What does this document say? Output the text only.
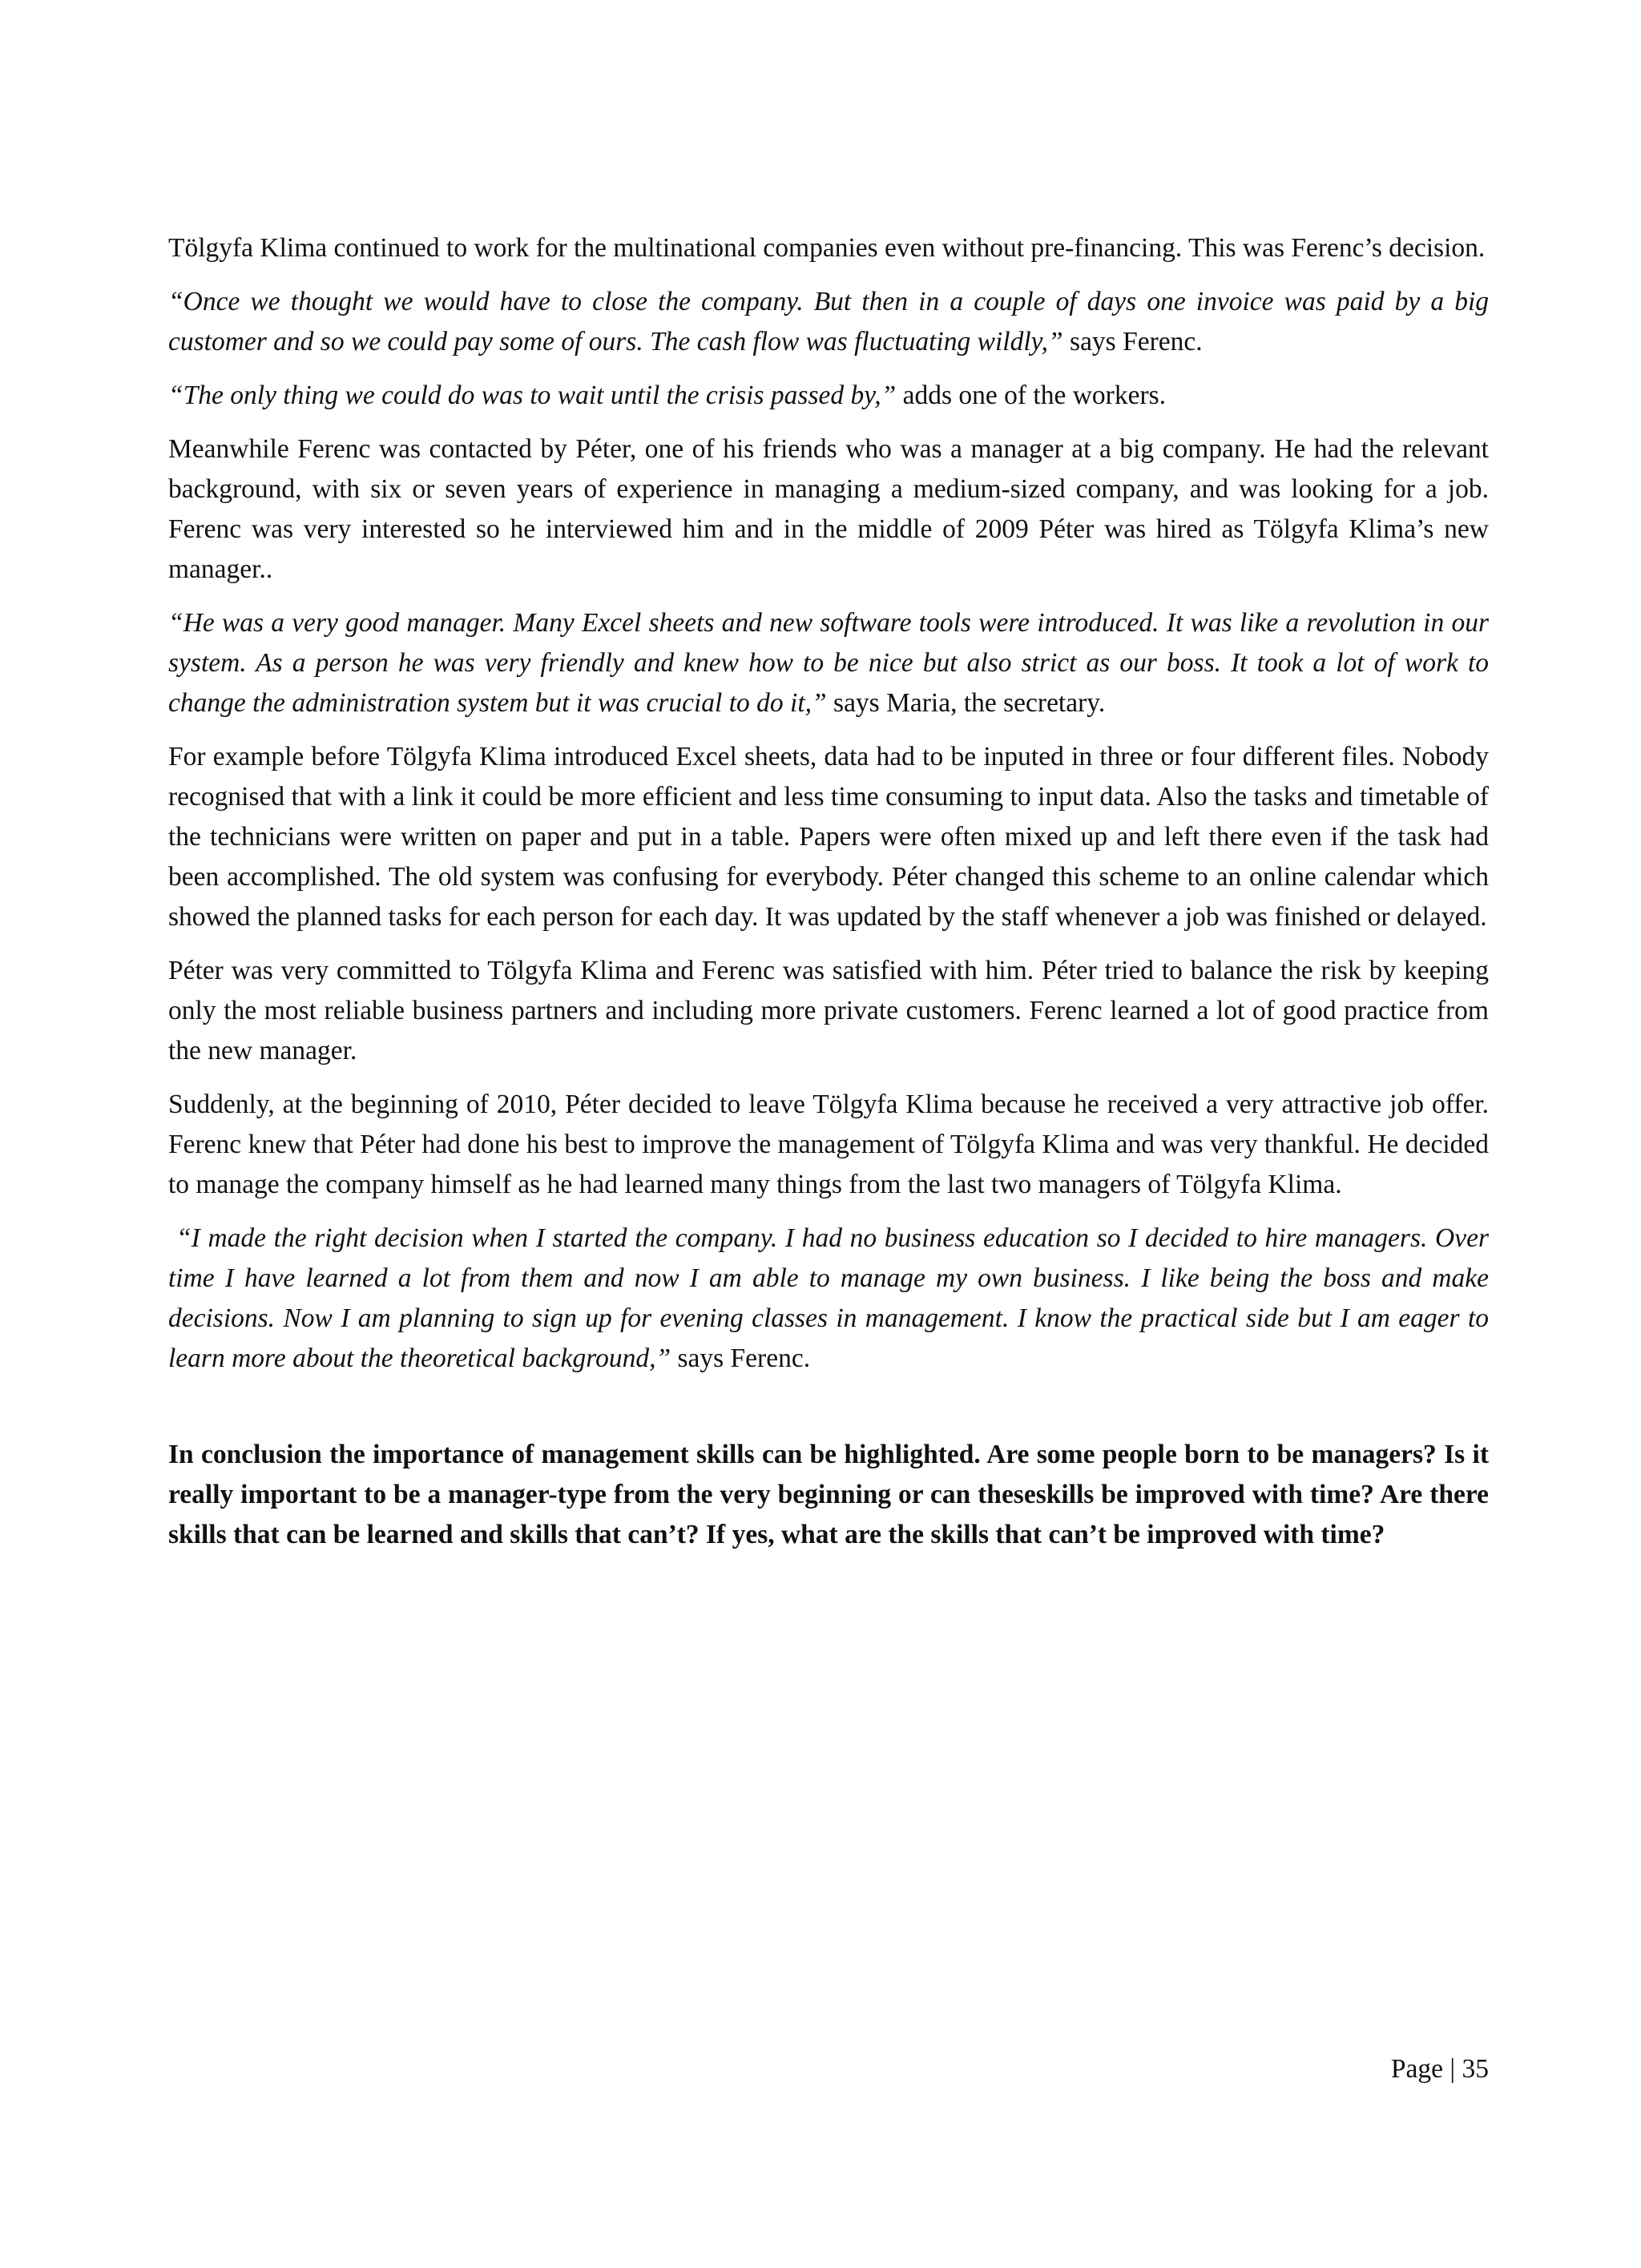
Tölgyfa Klima continued to work for the multinational companies even without pre-financing. This was Ferenc’s decision.

“Once we thought we would have to close the company. But then in a couple of days one invoice was paid by a big customer and so we could pay some of ours. The cash flow was fluctuating wildly,” says Ferenc.

“The only thing we could do was to wait until the crisis passed by,” adds one of the workers.

Meanwhile Ferenc was contacted by Péter, one of his friends who was a manager at a big company. He had the relevant background, with six or seven years of experience in managing a medium-sized company, and was looking for a job. Ferenc was very interested so he interviewed him and in the middle of 2009 Péter was hired as Tölgyfa Klima’s new manager..

“He was a very good manager. Many Excel sheets and new software tools were introduced. It was like a revolution in our system. As a person he was very friendly and knew how to be nice but also strict as our boss. It took a lot of work to change the administration system but it was crucial to do it,” says Maria, the secretary.

For example before Tölgyfa Klima introduced Excel sheets, data had to be inputed in three or four different files. Nobody recognised that with a link it could be more efficient and less time consuming to input data. Also the tasks and timetable of the technicians were written on paper and put in a table. Papers were often mixed up and left there even if the task had been accomplished. The old system was confusing for everybody. Péter changed this scheme to an online calendar which showed the planned tasks for each person for each day. It was updated by the staff whenever a job was finished or delayed.

Péter was very committed to Tölgyfa Klima and Ferenc was satisfied with him. Péter tried to balance the risk by keeping only the most reliable business partners and including more private customers. Ferenc learned a lot of good practice from the new manager.

Suddenly, at the beginning of 2010, Péter decided to leave Tölgyfa Klima because he received a very attractive job offer. Ferenc knew that Péter had done his best to improve the management of Tölgyfa Klima and was very thankful. He decided to manage the company himself as he had learned many things from the last two managers of Tölgyfa Klima.

“I made the right decision when I started the company. I had no business education so I decided to hire managers. Over time I have learned a lot from them and now I am able to manage my own business. I like being the boss and make decisions. Now I am planning to sign up for evening classes in management. I know the practical side but I am eager to learn more about the theoretical background,” says Ferenc.

In conclusion the importance of management skills can be highlighted. Are some people born to be managers? Is it really important to be a manager-type from the very beginning or can theseskills be improved with time? Are there skills that can be learned and skills that can’t? If yes, what are the skills that can’t be improved with time?

Page | 35
